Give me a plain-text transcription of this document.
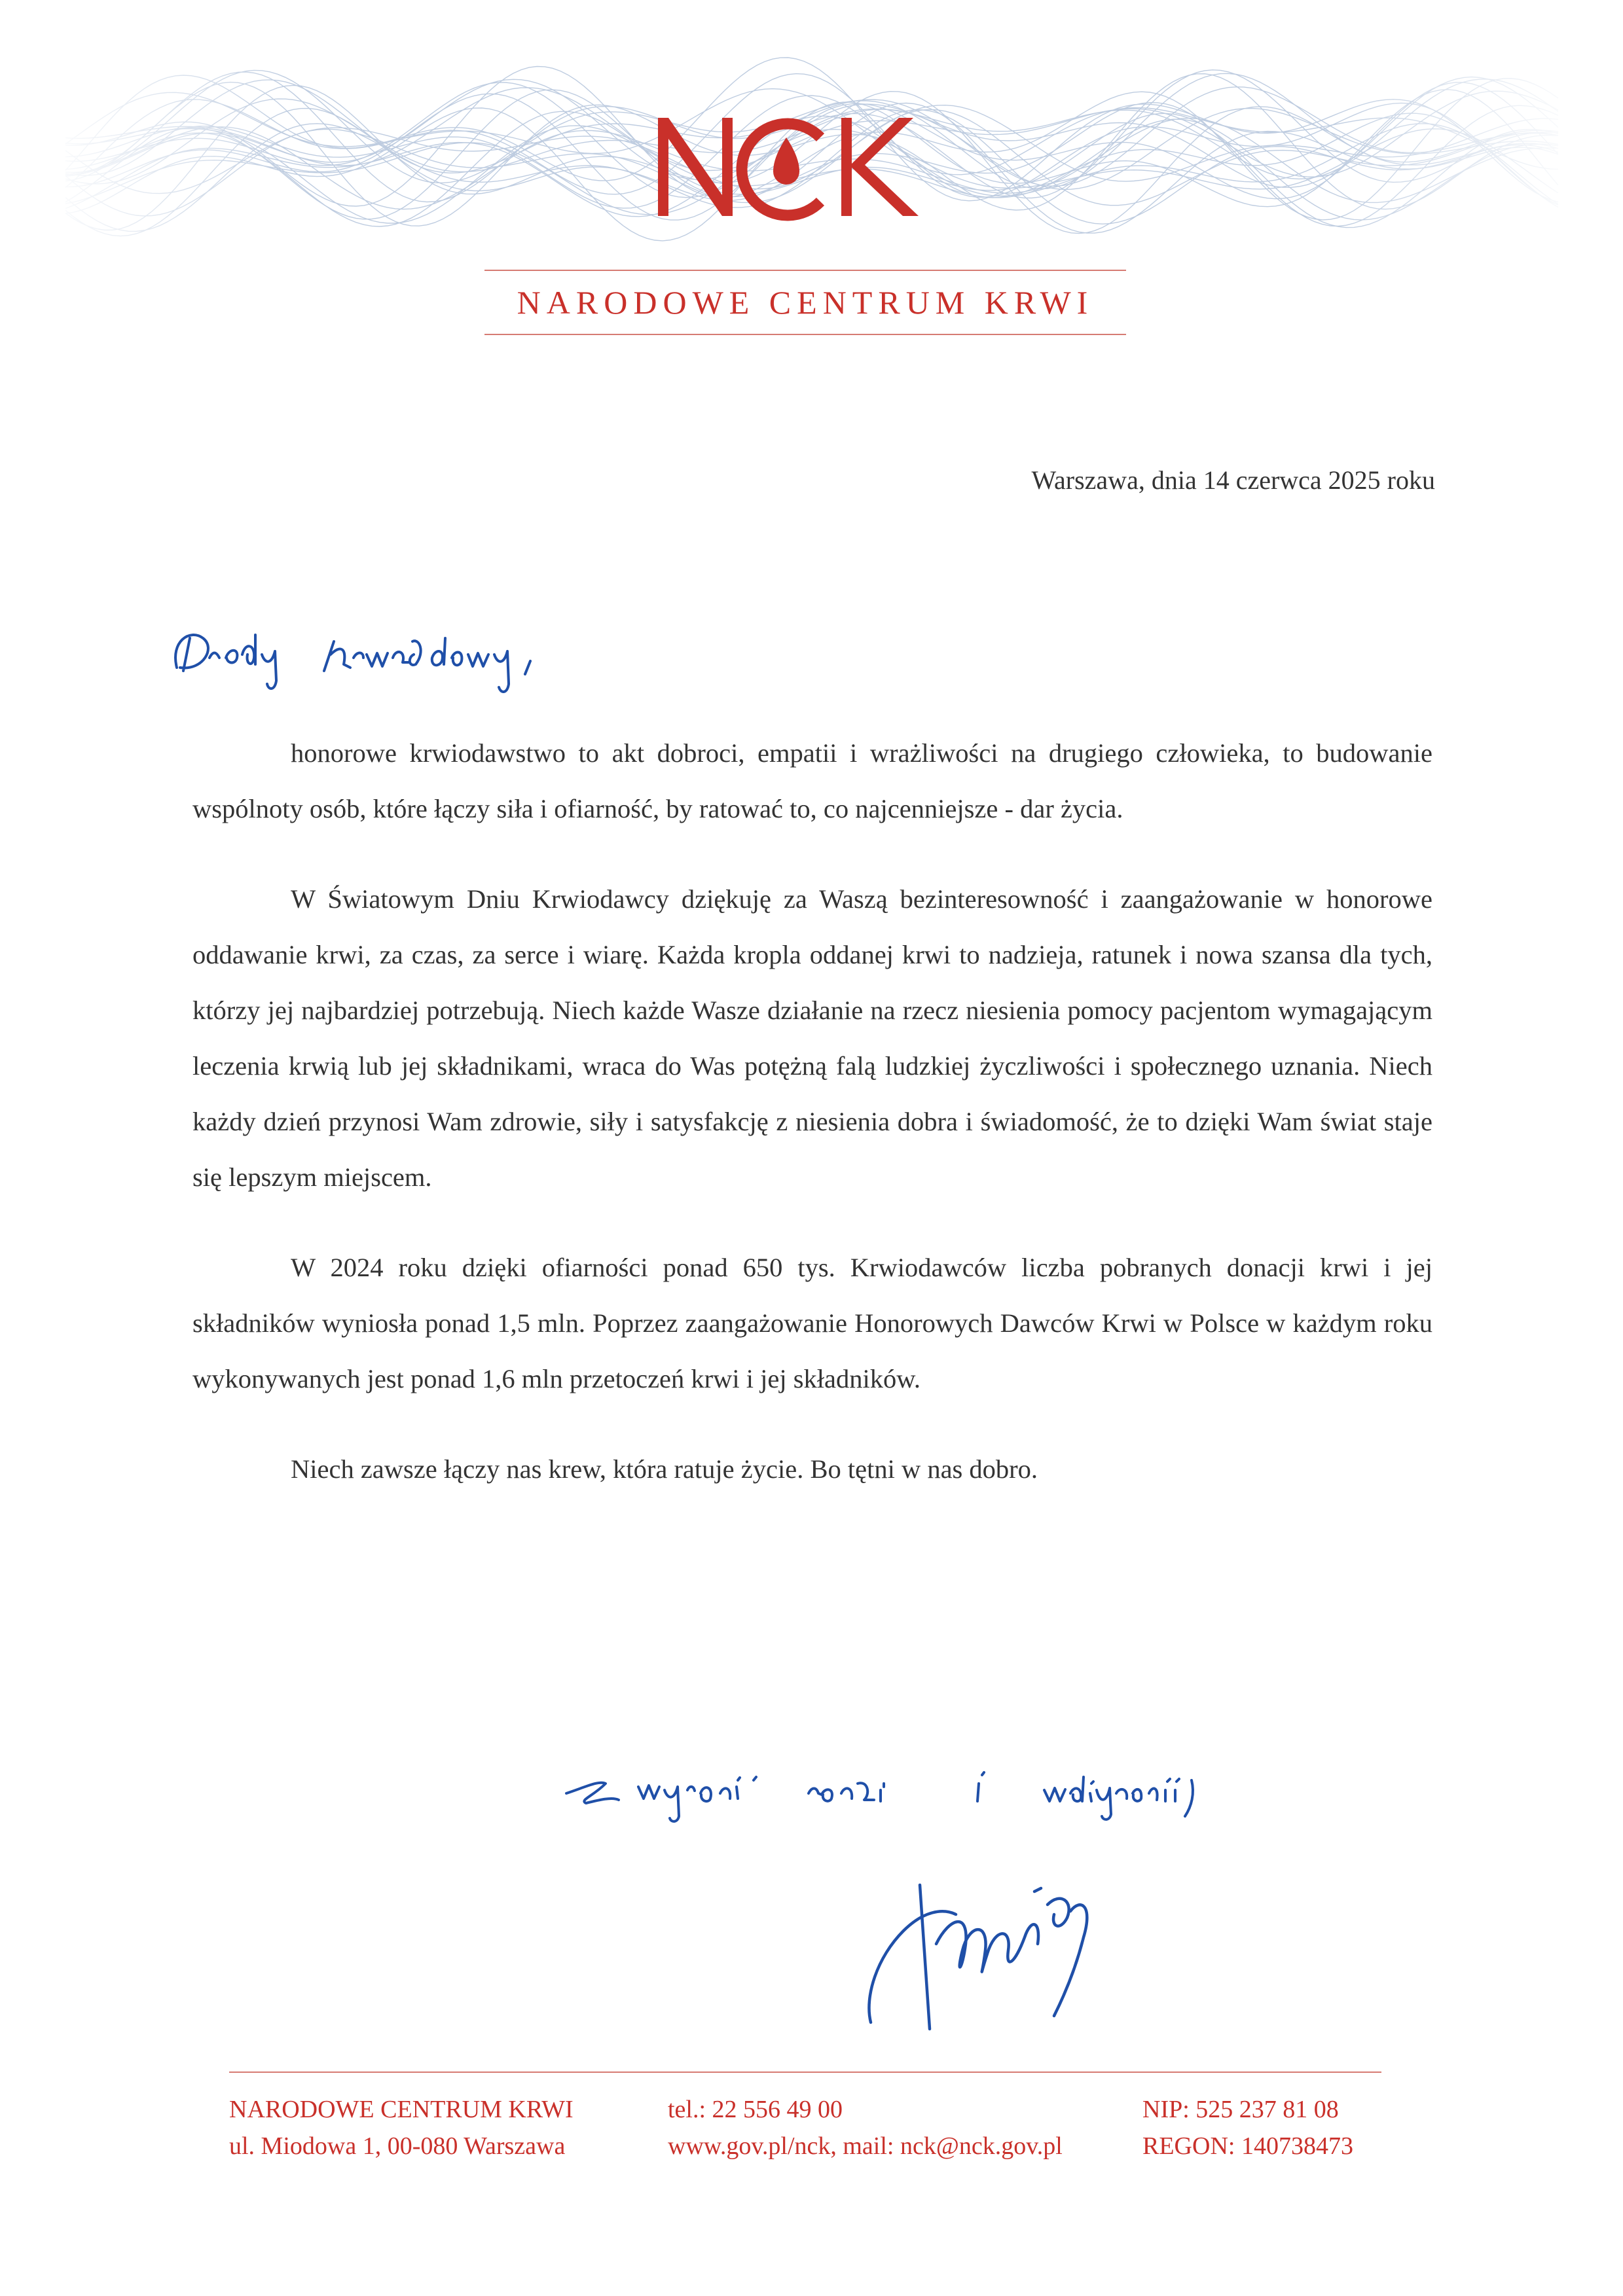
NARODOWE CENTRUM KRWI
Warszawa, dnia 14 czerwca 2025 roku

honorowe krwiodawstwo to akt dobroci, empatii i wrażliwości na drugiego człowieka, to budowanie wspólnoty osób, które łączy siła i ofiarność, by ratować to, co najcenniejsze - dar życia.

W Światowym Dniu Krwiodawcy dziękuję za Waszą bezinteresowność i zaangażowanie w honorowe oddawanie krwi, za czas, za serce i wiarę. Każda kropla oddanej krwi to nadzieja, ratunek i nowa szansa dla tych, którzy jej najbardziej potrzebują. Niech każde Wasze działanie na rzecz niesienia pomocy pacjentom wymagającym leczenia krwią lub jej składnikami, wraca do Was potężną falą ludzkiej życzliwości i społecznego uznania. Niech każdy dzień przynosi Wam zdrowie, siły i satysfakcję z niesienia dobra i świadomość, że to dzięki Wam świat staje się lepszym miejscem.

W 2024 roku dzięki ofiarności ponad 650 tys. Krwiodawców liczba pobranych donacji krwi i jej składników wyniosła ponad 1,5 mln. Poprzez zaangażowanie Honorowych Dawców Krwi w Polsce w każdym roku wykonywanych jest ponad 1,6 mln przetoczeń krwi i jej składników.

Niech zawsze łączy nas krew, która ratuje życie. Bo tętni w nas dobro.

NARODOWE CENTRUM KRWI
ul. Miodowa 1, 00-080 Warszawa
tel.: 22 556 49 00
www.gov.pl/nck, mail: nck@nck.gov.pl
NIP: 525 237 81 08
REGON: 140738473
